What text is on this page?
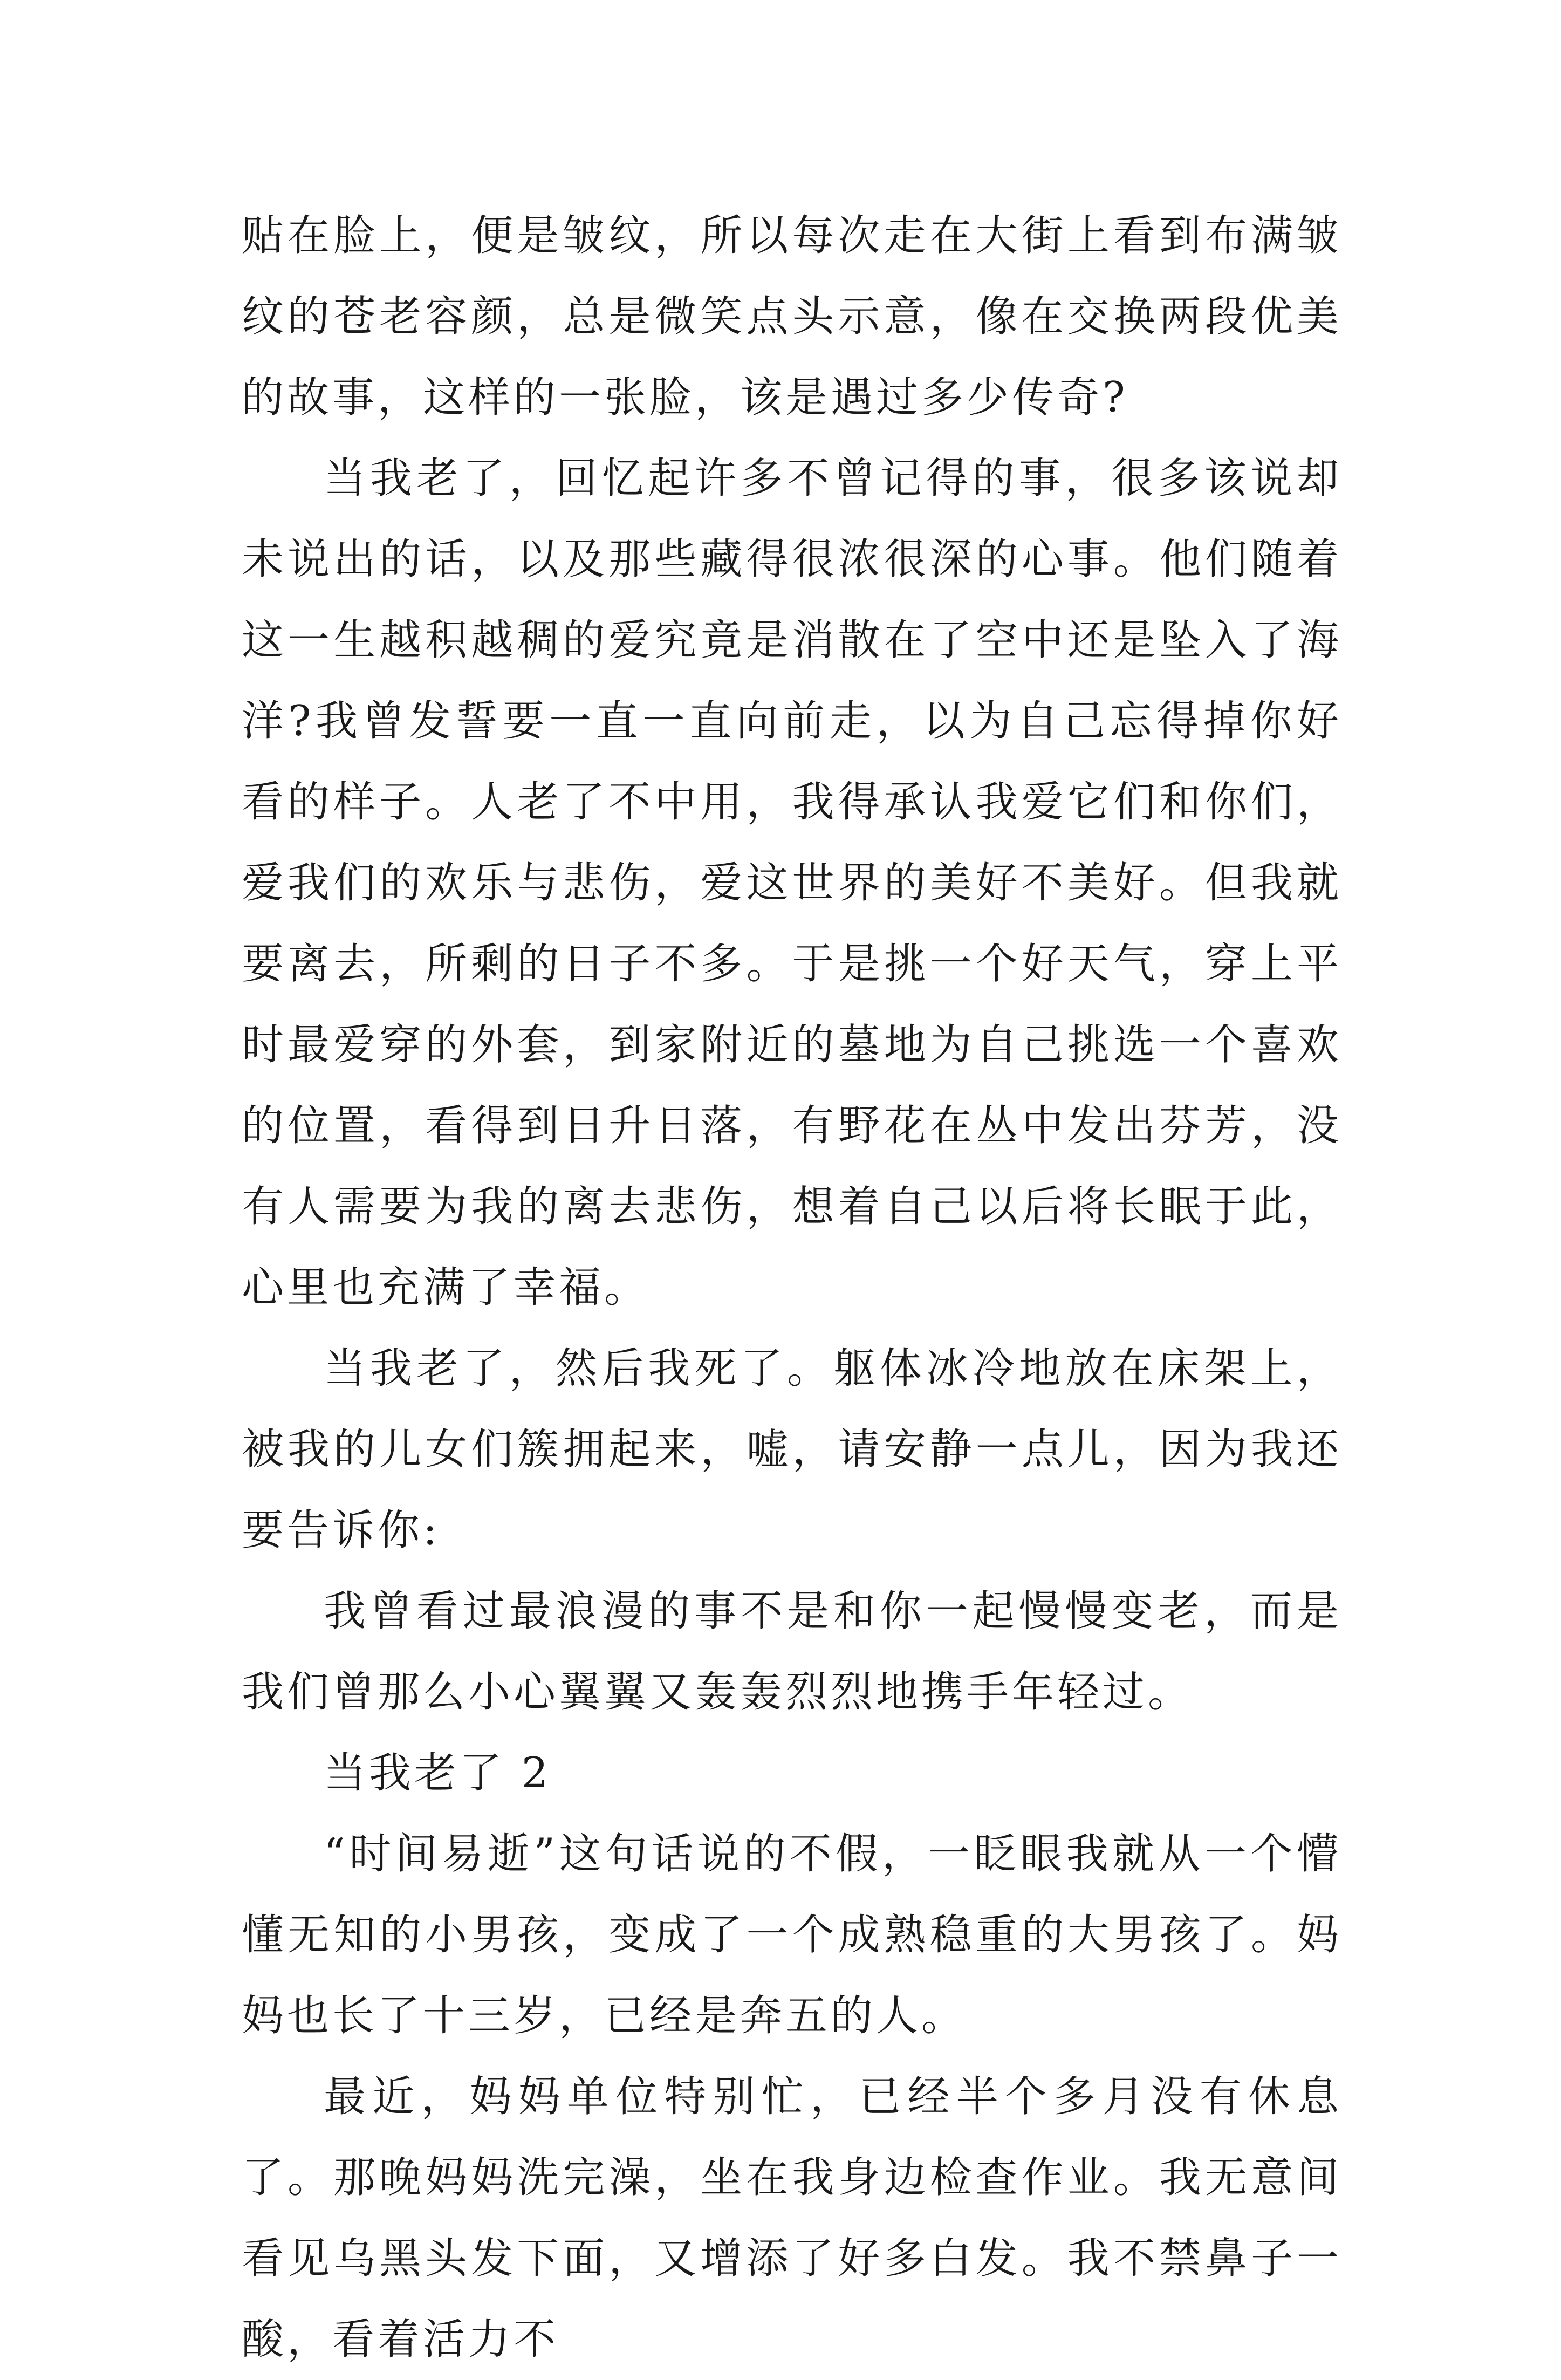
贴在脸上，便是皱纹，所以每次走在大街上看到布满皱纹的苍老容颜，总是微笑点头示意，像在交换两段优美的故事，这样的一张脸，该是遇过多少传奇?

当我老了，回忆起许多不曾记得的事，很多该说却未说出的话，以及那些藏得很浓很深的心事。他们随着这一生越积越稠的爱究竟是消散在了空中还是坠入了海洋?我曾发誓要一直一直向前走，以为自己忘得掉你好看的样子。人老了不中用，我得承认我爱它们和你们，爱我们的欢乐与悲伤，爱这世界的美好不美好。但我就要离去，所剩的日子不多。于是挑一个好天气，穿上平时最爱穿的外套，到家附近的墓地为自己挑选一个喜欢的位置，看得到日升日落，有野花在丛中发出芬芳，没有人需要为我的离去悲伤，想着自己以后将长眠于此，心里也充满了幸福。

当我老了，然后我死了。躯体冰冷地放在床架上，被我的儿女们簇拥起来，嘘，请安静一点儿，因为我还要告诉你:

我曾看过最浪漫的事不是和你一起慢慢变老，而是我们曾那么小心翼翼又轰轰烈烈地携手年轻过。

当我老了 2

“时间易逝”这句话说的不假，一眨眼我就从一个懵懂无知的小男孩，变成了一个成熟稳重的大男孩了。妈妈也长了十三岁，已经是奔五的人。

最近，妈妈单位特别忙，已经半个多月没有休息了。那晚妈妈洗完澡，坐在我身边检查作业。我无意间看见乌黑头发下面，又增添了好多白发。我不禁鼻子一酸，看着活力不
